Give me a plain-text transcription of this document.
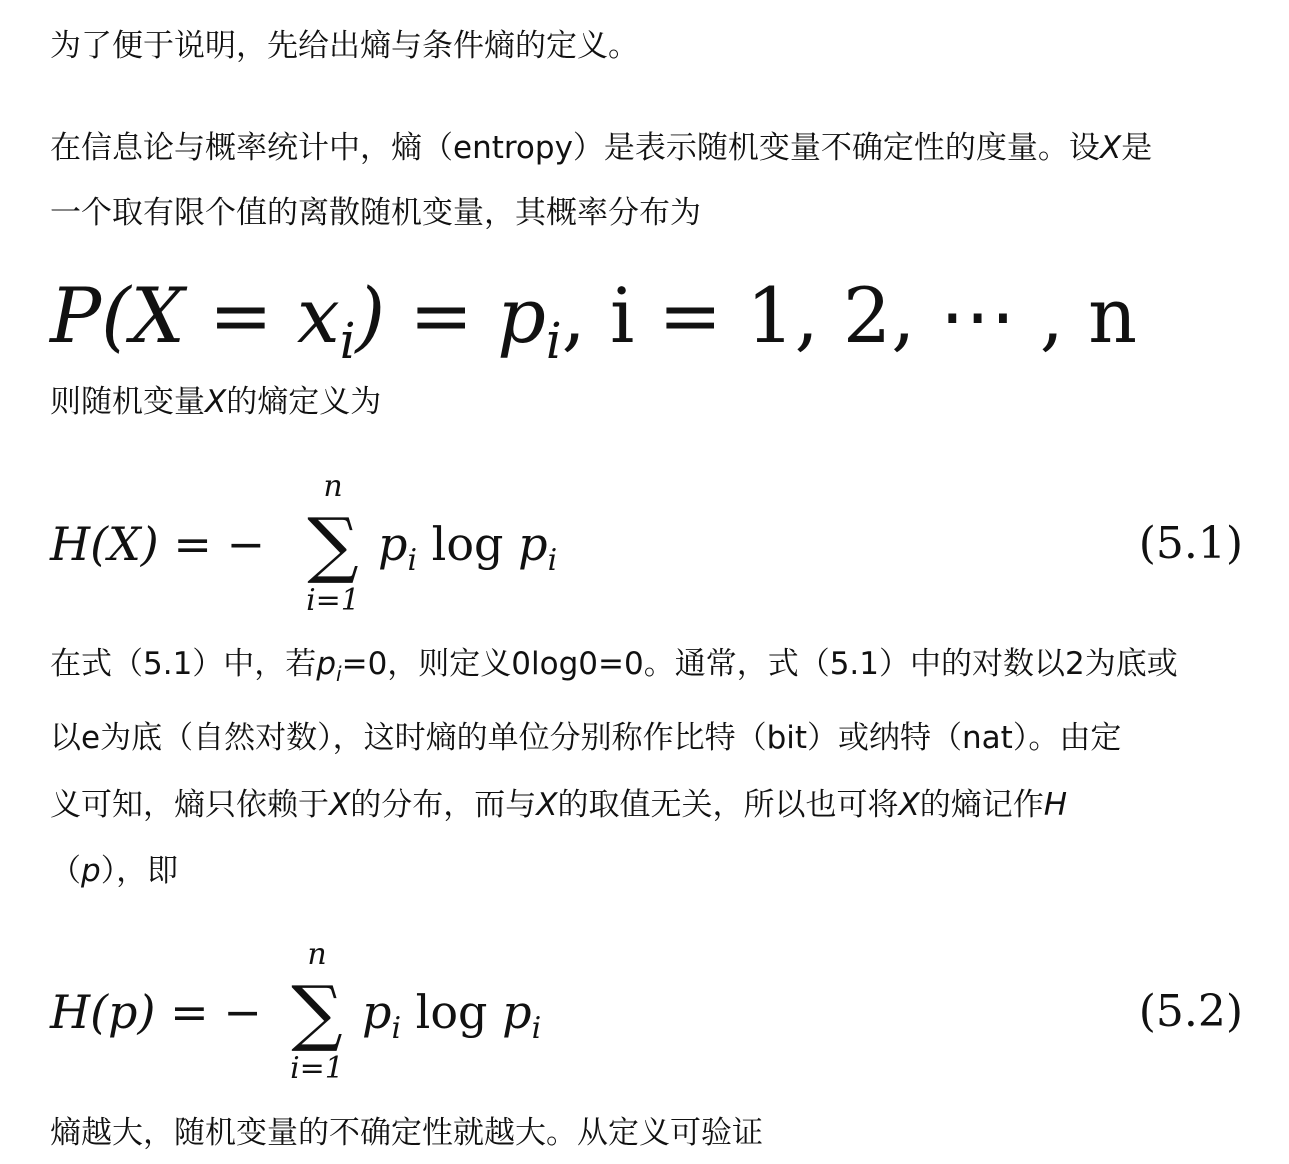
为了便于说明，先给出熵与条件熵的定义。
在信息论与概率统计中，熵（entropy）是表示随机变量不确定性的度量。设X是
一个取有限个值的离散随机变量，其概率分布为
$P(X = x_i) = p_i$, i = 1, 2, ⋯ , n
则随机变量X的熵定义为
H(X) = −
n
∑
i=1
$p_i$ $\log p_i$	(5.1)
在式（5.1）中，若$p_i=0$，则定义0log0=0。通常，式（5.1）中的对数以2为底或
以e为底（自然对数），这时熵的单位分别称作比特（bit）或纳特（nat）。由定
义可知，熵只依赖于X的分布，而与X的取值无关，所以也可将X的熵记作H
（p），即
H(p) = −
n
∑
i=1
$p_i$ $\log p_i$	(5.2)
熵越大，随机变量的不确定性就越大。从定义可验证
